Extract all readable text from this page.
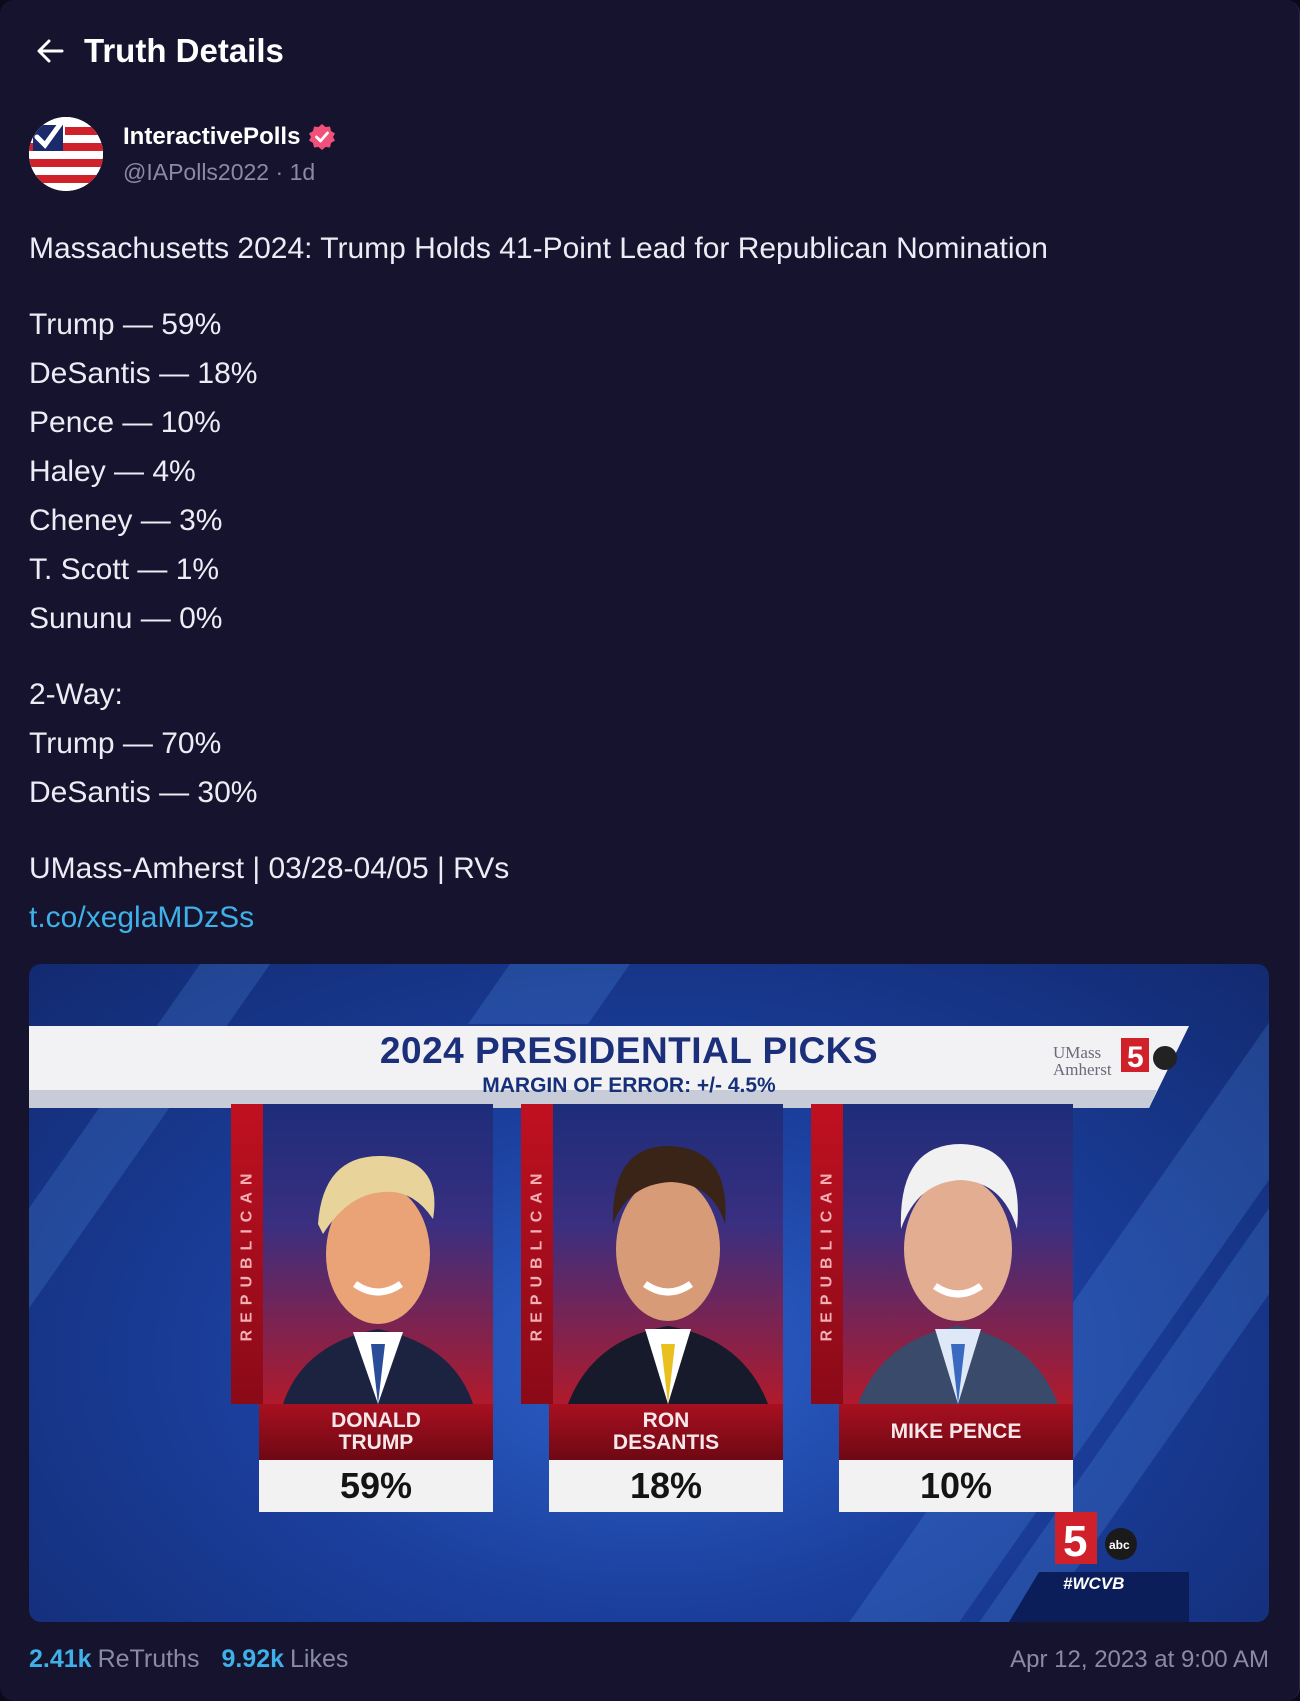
Truth Details
InteractivePolls
@IAPolls2022 · 1d
Massachusetts 2024: Trump Holds 41-Point Lead for Republican Nomination
Trump — 59%
DeSantis — 18%
Pence — 10%
Haley — 4%
Cheney — 3%
T. Scott — 1%
Sununu — 0%
2-Way:
Trump — 70%
DeSantis — 30%
UMass-Amherst | 03/28-04/05 | RVs
t.co/xeglaMDzSs
2024 PRESIDENTIAL PICKS
MARGIN OF ERROR: +/- 4.5%
UMass
Amherst 5
REPUBLICAN
DONALD
TRUMP
59%
REPUBLICAN
RON
DESANTIS
18%
REPUBLICAN
MIKE PENCE
10%
5 abc
#WCVB
2.41k ReTruths 9.92k Likes	Apr 12, 2023 at 9:00 AM
